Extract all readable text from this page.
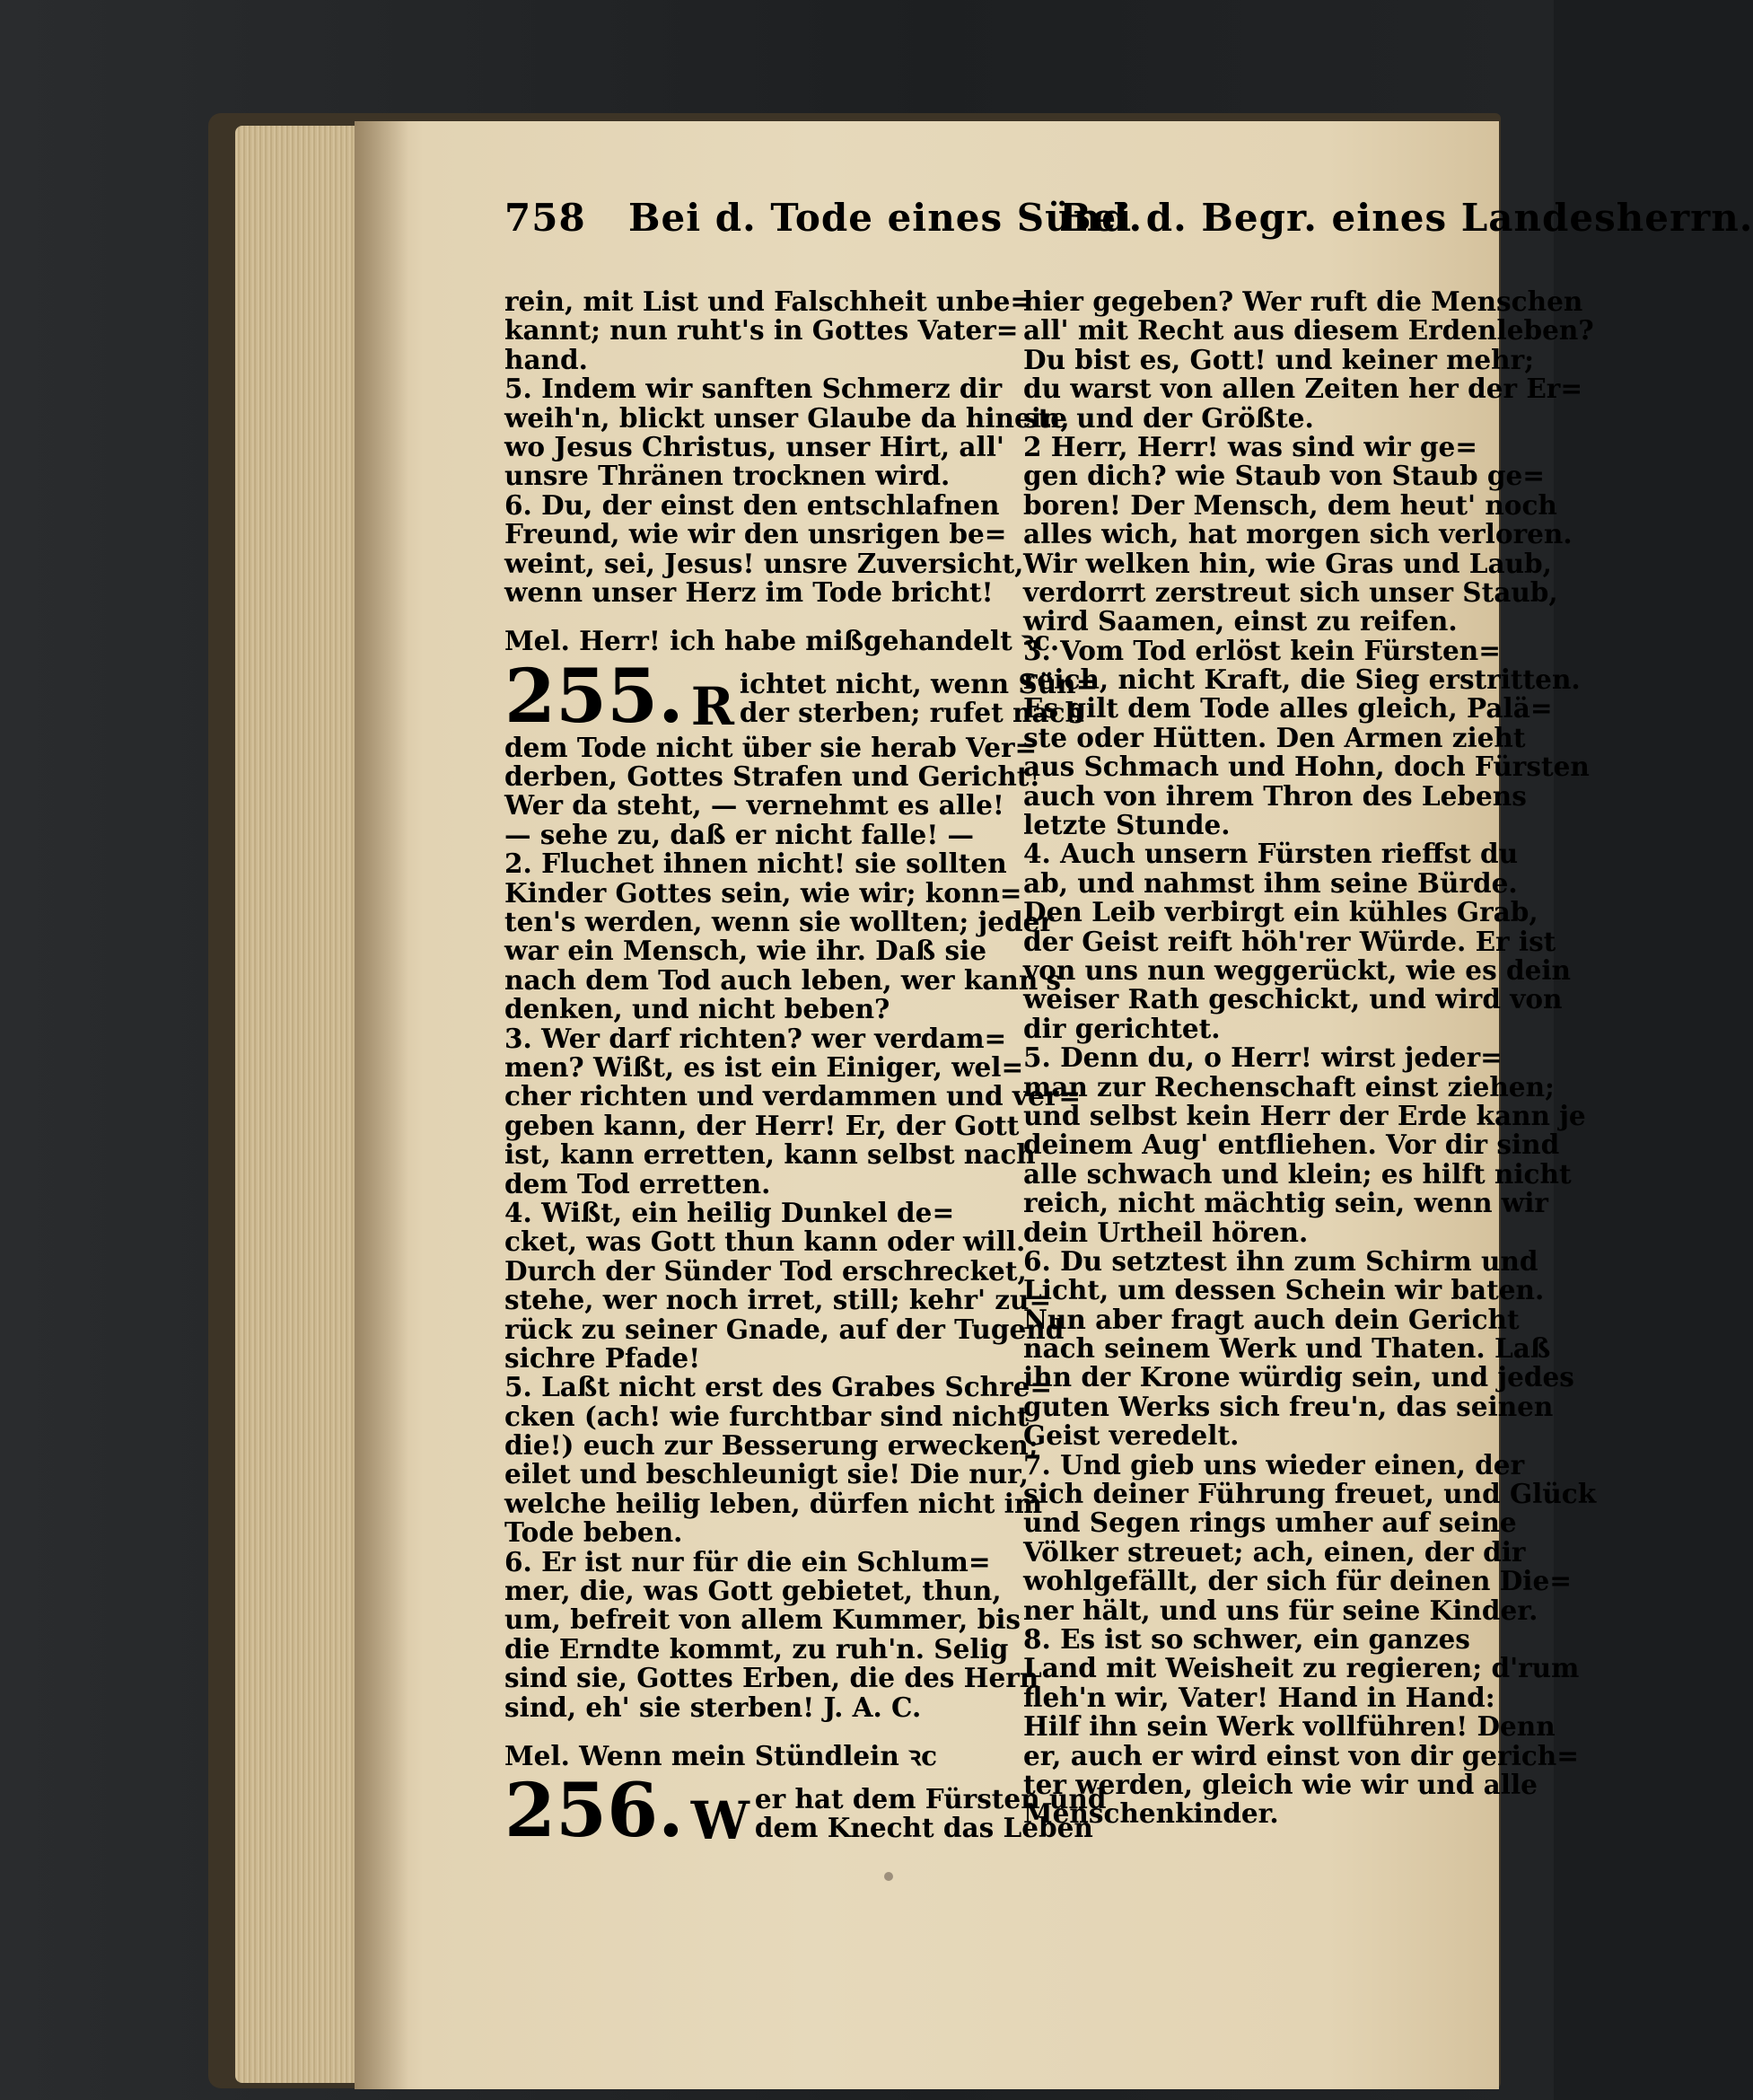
758 Bei d. Tode eines Sünd.
Bei d. Begr. eines Landesherrn.
rein, mit List und Falschheit unbe=
kannt; nun ruht's in Gottes Vater=
hand.
5. Indem wir sanften Schmerz dir
weih'n, blickt unser Glaube da hinein,
wo Jesus Christus, unser Hirt, all'
unsre Thränen trocknen wird.
6. Du, der einst den entschlafnen
Freund, wie wir den unsrigen be=
weint, sei, Jesus! unsre Zuversicht,
wenn unser Herz im Tode bricht!
Mel. Herr! ich habe mißgehandelt ꝛc.
255. R ichtet nicht, wenn Sün=
der sterben; rufet nach
dem Tode nicht über sie herab Ver=
derben, Gottes Strafen und Gericht!
Wer da steht, — vernehmt es alle!
— sehe zu, daß er nicht falle! —
2. Fluchet ihnen nicht! sie sollten
Kinder Gottes sein, wie wir; konn=
ten's werden, wenn sie wollten; jeder
war ein Mensch, wie ihr. Daß sie
nach dem Tod auch leben, wer kann's
denken, und nicht beben?
3. Wer darf richten? wer verdam=
men? Wißt, es ist ein Einiger, wel=
cher richten und verdammen und ver=
geben kann, der Herr! Er, der Gott
ist, kann erretten, kann selbst nach
dem Tod erretten.
4. Wißt, ein heilig Dunkel de=
cket, was Gott thun kann oder will.
Durch der Sünder Tod erschrecket,
stehe, wer noch irret, still; kehr' zu=
rück zu seiner Gnade, auf der Tugend
sichre Pfade!
5. Laßt nicht erst des Grabes Schre=
cken (ach! wie furchtbar sind nicht
die!) euch zur Besserung erwecken;
eilet und beschleunigt sie! Die nur,
welche heilig leben, dürfen nicht im
Tode beben.
6. Er ist nur für die ein Schlum=
mer, die, was Gott gebietet, thun,
um, befreit von allem Kummer, bis
die Erndte kommt, zu ruh'n. Selig
sind sie, Gottes Erben, die des Hern
sind, eh' sie sterben! J. A. C.
Mel. Wenn mein Stündlein ꝛc
256. W er hat dem Fürsten und
dem Knecht das Leben
hier gegeben? Wer ruft die Menschen
all' mit Recht aus diesem Erdenleben?
Du bist es, Gott! und keiner mehr;
du warst von allen Zeiten her der Er=
ste und der Größte.
2 Herr, Herr! was sind wir ge=
gen dich? wie Staub von Staub ge=
boren! Der Mensch, dem heut' noch
alles wich, hat morgen sich verloren.
Wir welken hin, wie Gras und Laub,
verdorrt zerstreut sich unser Staub,
wird Saamen, einst zu reifen.
3. Vom Tod erlöst kein Fürsten=
reich, nicht Kraft, die Sieg erstritten.
Es gilt dem Tode alles gleich, Palä=
ste oder Hütten. Den Armen zieht
aus Schmach und Hohn, doch Fürsten
auch von ihrem Thron des Lebens
letzte Stunde.
4. Auch unsern Fürsten rieffst du
ab, und nahmst ihm seine Bürde.
Den Leib verbirgt ein kühles Grab,
der Geist reift höh'rer Würde. Er ist
von uns nun weggerückt, wie es dein
weiser Rath geschickt, und wird von
dir gerichtet.
5. Denn du, o Herr! wirst jeder=
man zur Rechenschaft einst ziehen;
und selbst kein Herr der Erde kann je
deinem Aug' entfliehen. Vor dir sind
alle schwach und klein; es hilft nicht
reich, nicht mächtig sein, wenn wir
dein Urtheil hören.
6. Du setztest ihn zum Schirm und
Licht, um dessen Schein wir baten.
Nun aber fragt auch dein Gericht
nach seinem Werk und Thaten. Laß
ihn der Krone würdig sein, und jedes
guten Werks sich freu'n, das seinen
Geist veredelt.
7. Und gieb uns wieder einen, der
sich deiner Führung freuet, und Glück
und Segen rings umher auf seine
Völker streuet; ach, einen, der dir
wohlgefällt, der sich für deinen Die=
ner hält, und uns für seine Kinder.
8. Es ist so schwer, ein ganzes
Land mit Weisheit zu regieren; d'rum
fleh'n wir, Vater! Hand in Hand:
Hilf ihn sein Werk vollführen! Denn
er, auch er wird einst von dir gerich=
ter werden, gleich wie wir und alle
Menschenkinder.
